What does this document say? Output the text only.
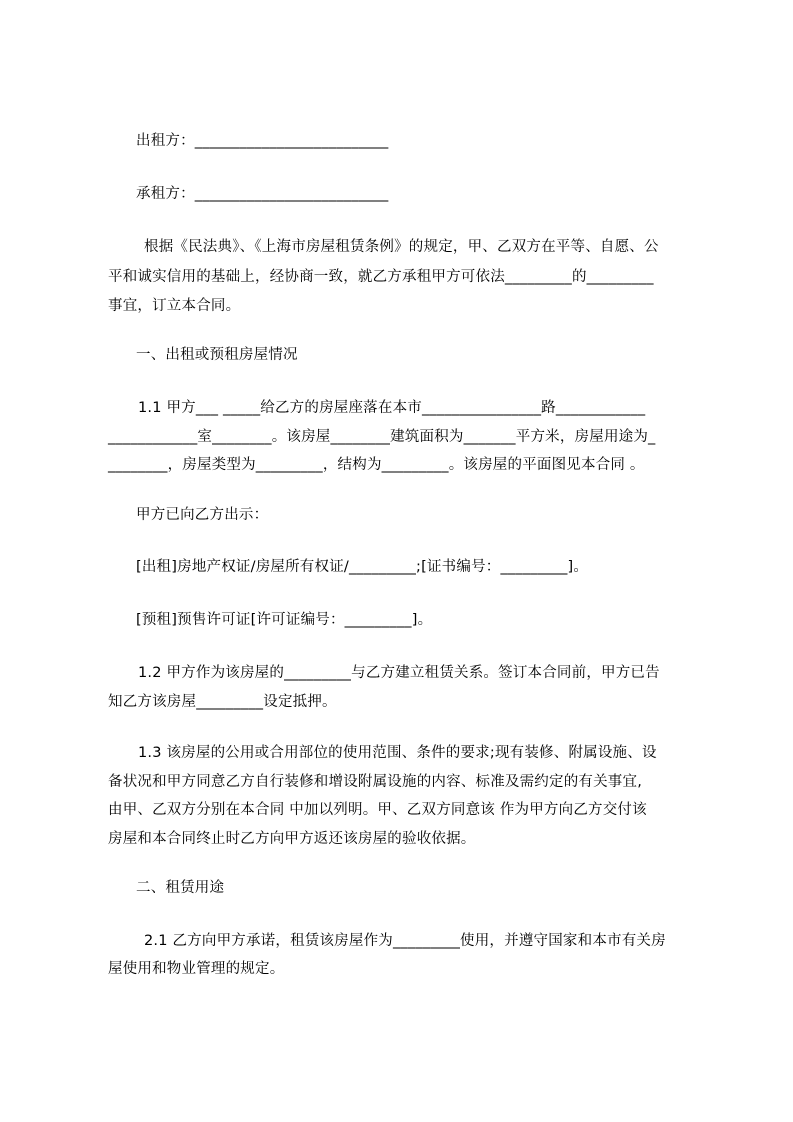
出租方：__________________________
承租方：__________________________
根据《民法典》、《上海市房屋租赁条例》的规定，甲、乙双方在平等、自愿、公
平和诚实信用的基础上，经协商一致，就乙方承租甲方可依法_________的_________
事宜，订立本合同。
一、出租或预租房屋情况
1.1 甲方___ _____给乙方的房屋座落在本市________________路____________
____________室________。该房屋________建筑面积为_______平方米，房屋用途为_
________，房屋类型为_________，结构为_________。该房屋的平面图见本合同 。
甲方已向乙方出示：
[出租]房地产权证/房屋所有权证/_________;[证书编号：_________]。
[预租]预售许可证[许可证编号：_________]。
1.2 甲方作为该房屋的_________与乙方建立租赁关系。签订本合同前，甲方已告
知乙方该房屋_________设定抵押。
1.3 该房屋的公用或合用部位的使用范围、条件的要求;现有装修、附属设施、设
备状况和甲方同意乙方自行装修和增设附属设施的内容、标准及需约定的有关事宜,
由甲、乙双方分别在本合同 中加以列明。甲、乙双方同意该 作为甲方向乙方交付该
房屋和本合同终止时乙方向甲方返还该房屋的验收依据。
二、租赁用途
2.1 乙方向甲方承诺，租赁该房屋作为_________使用，并遵守国家和本市有关房
屋使用和物业管理的规定。
